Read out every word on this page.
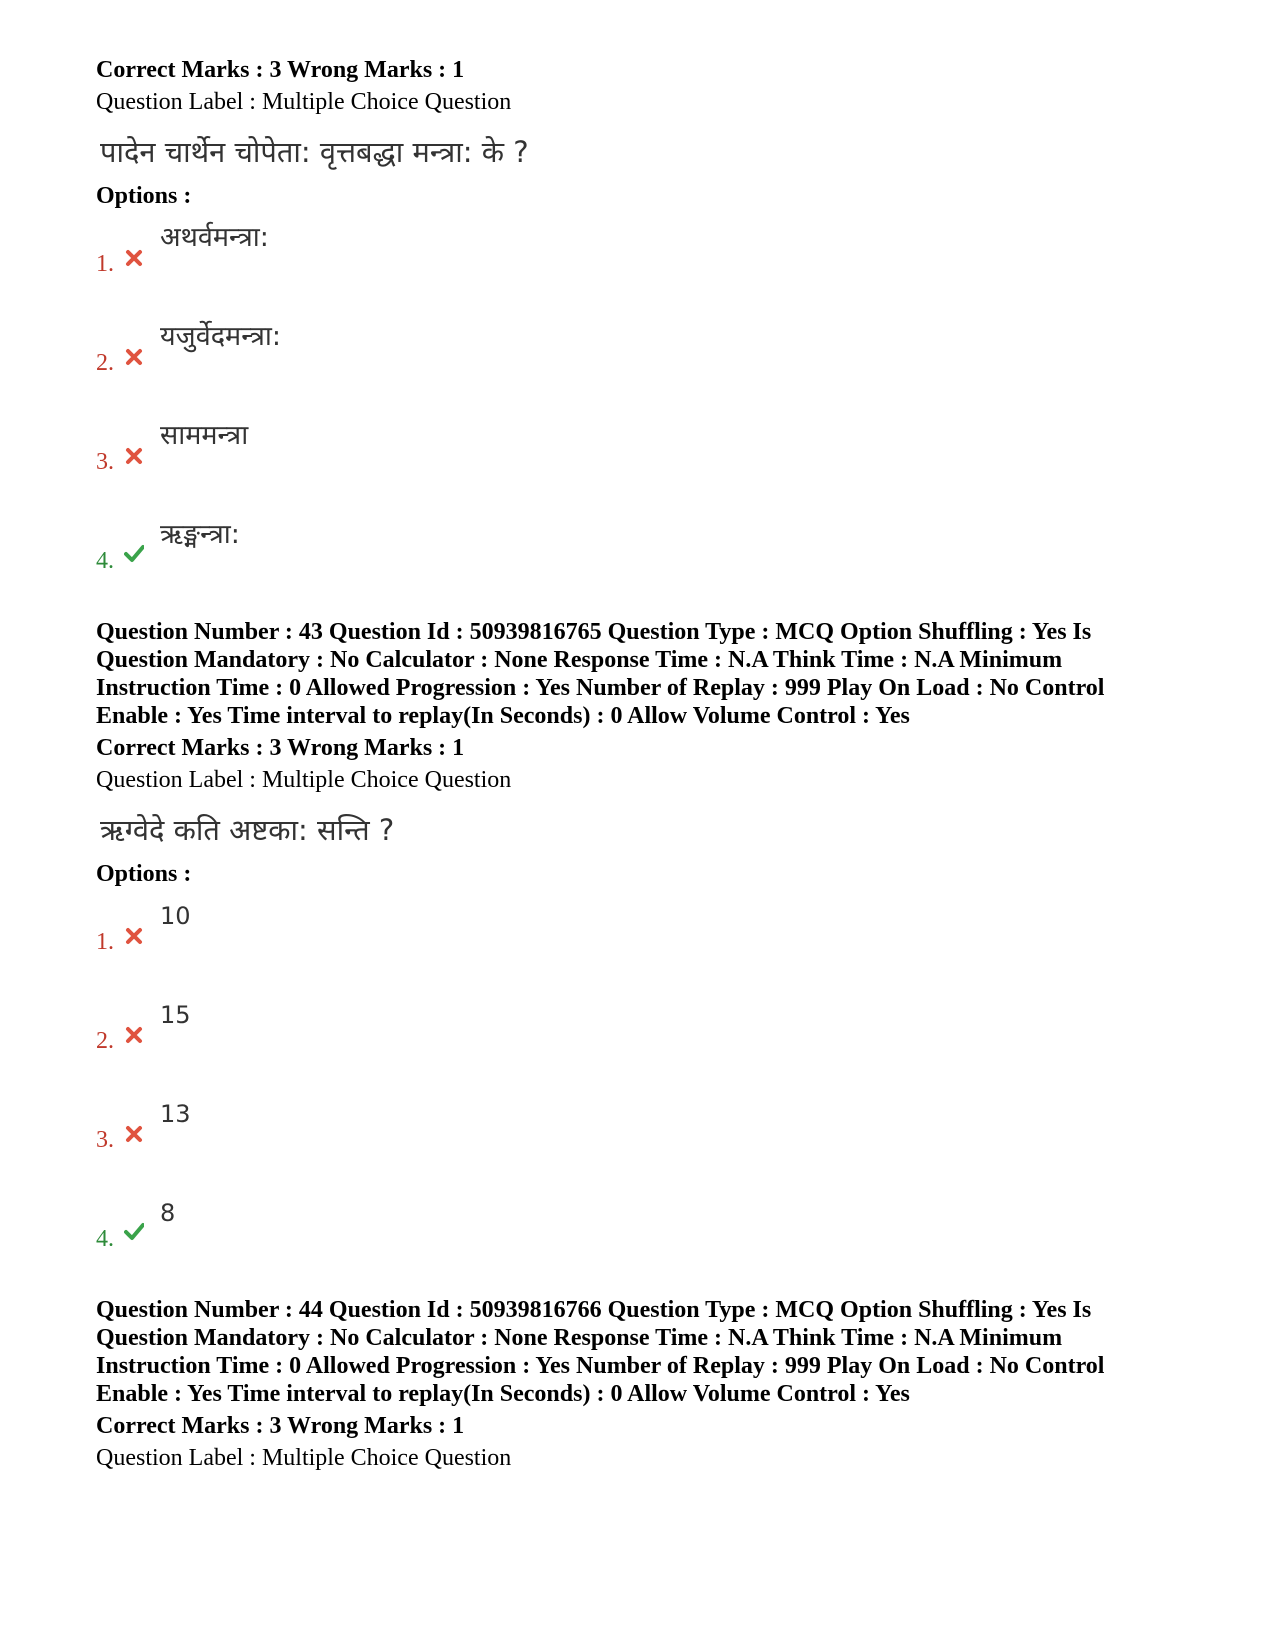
Correct Marks : 3 Wrong Marks : 1
Question Label : Multiple Choice Question
पादेन चार्थेन चोपेता: वृत्तबद्धा मन्त्रा: के ?
Options :
1.
अथर्वमन्त्रा:
2.
यजुर्वेदमन्त्रा:
3.
साममन्त्रा
4.
ऋङ्मन्त्रा:
Question Number : 43 Question Id : 50939816765 Question Type : MCQ Option Shuffling : Yes Is
Question Mandatory : No Calculator : None Response Time : N.A Think Time : N.A Minimum
Instruction Time : 0 Allowed Progression : Yes Number of Replay : 999 Play On Load : No Control
Enable : Yes Time interval to replay(In Seconds) : 0 Allow Volume Control : Yes
Correct Marks : 3 Wrong Marks : 1
Question Label : Multiple Choice Question
ऋग्वेदे कति अष्टका: सन्ति ?
Options :
1.
10
2.
15
3.
13
4.
8
Question Number : 44 Question Id : 50939816766 Question Type : MCQ Option Shuffling : Yes Is
Question Mandatory : No Calculator : None Response Time : N.A Think Time : N.A Minimum
Instruction Time : 0 Allowed Progression : Yes Number of Replay : 999 Play On Load : No Control
Enable : Yes Time interval to replay(In Seconds) : 0 Allow Volume Control : Yes
Correct Marks : 3 Wrong Marks : 1
Question Label : Multiple Choice Question
